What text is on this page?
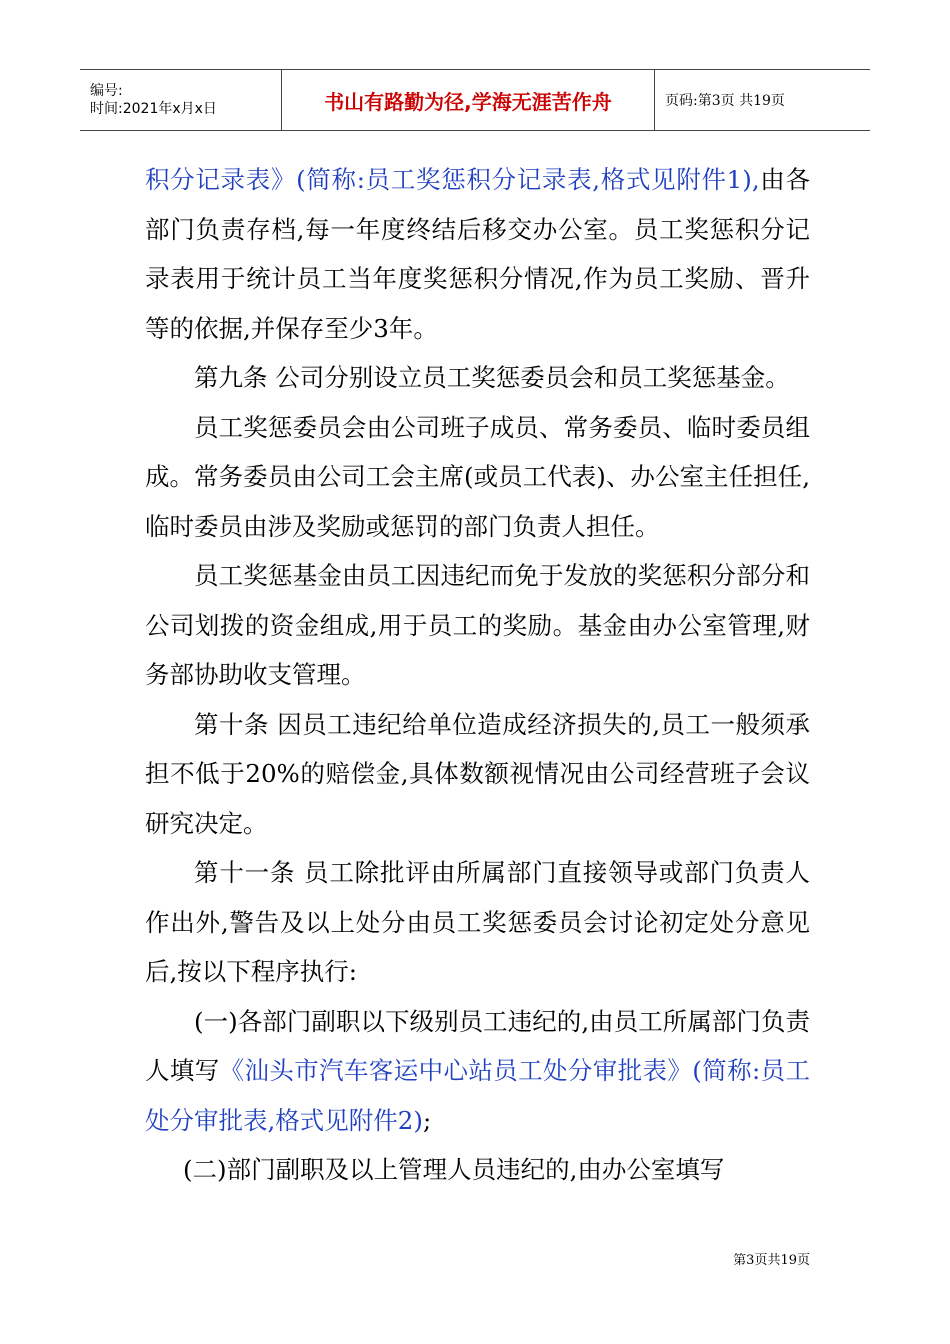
编号:
时间:2021年x月x日	书山有路勤为径,学海无涯苦作舟	页码:第3页 共19页

积分记录表》(简称:员工奖惩积分记录表,格式见附件1),由各部门负责存档,每一年度终结后移交办公室。员工奖惩积分记录表用于统计员工当年度奖惩积分情况,作为员工奖励、晋升等的依据,并保存至少3年。

第九条 公司分别设立员工奖惩委员会和员工奖惩基金。

员工奖惩委员会由公司班子成员、常务委员、临时委员组成。常务委员由公司工会主席(或员工代表)、办公室主任担任,临时委员由涉及奖励或惩罚的部门负责人担任。

员工奖惩基金由员工因违纪而免于发放的奖惩积分部分和公司划拨的资金组成,用于员工的奖励。基金由办公室管理,财务部协助收支管理。

第十条 因员工违纪给单位造成经济损失的,员工一般须承担不低于20%的赔偿金,具体数额视情况由公司经营班子会议研究决定。

第十一条 员工除批评由所属部门直接领导或部门负责人作出外,警告及以上处分由员工奖惩委员会讨论初定处分意见后,按以下程序执行:

(一)各部门副职以下级别员工违纪的,由员工所属部门负责人填写《汕头市汽车客运中心站员工处分审批表》(简称:员工处分审批表,格式见附件2);

(二)部门副职及以上管理人员违纪的,由办公室填写

第3页共19页
